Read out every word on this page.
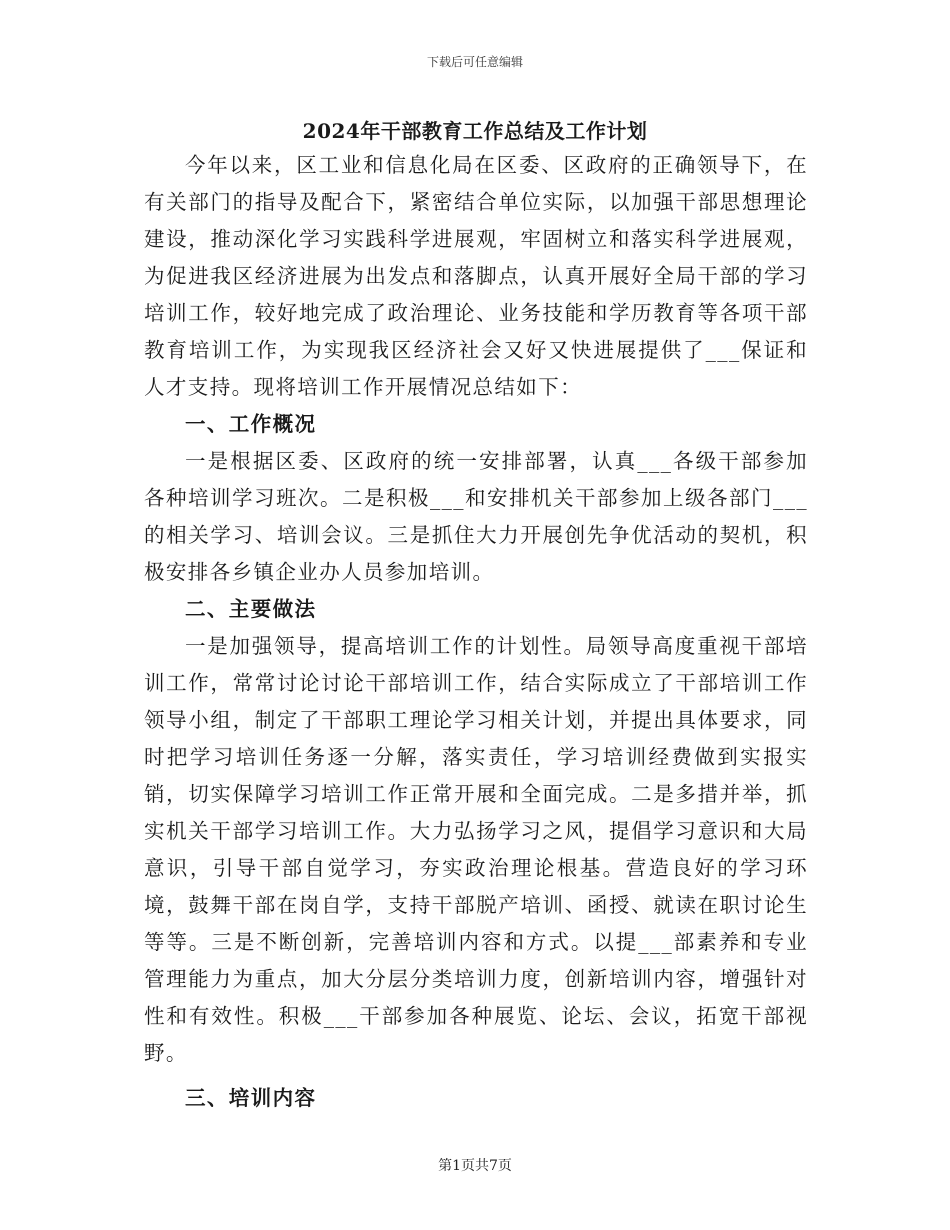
下载后可任意编辑
2024年干部教育工作总结及工作计划

今年以来，区工业和信息化局在区委、区政府的正确领导下，在有关部门的指导及配合下，紧密结合单位实际，以加强干部思想理论建设，推动深化学习实践科学进展观，牢固树立和落实科学进展观，为促进我区经济进展为出发点和落脚点，认真开展好全局干部的学习培训工作，较好地完成了政治理论、业务技能和学历教育等各项干部教育培训工作，为实现我区经济社会又好又快进展提供了___保证和人才支持。现将培训工作开展情况总结如下：

一、工作概况

一是根据区委、区政府的统一安排部署，认真___各级干部参加各种培训学习班次。二是积极___和安排机关干部参加上级各部门___的相关学习、培训会议。三是抓住大力开展创先争优活动的契机，积极安排各乡镇企业办人员参加培训。

二、主要做法

一是加强领导，提高培训工作的计划性。局领导高度重视干部培训工作，常常讨论讨论干部培训工作，结合实际成立了干部培训工作领导小组，制定了干部职工理论学习相关计划，并提出具体要求，同时把学习培训任务逐一分解，落实责任，学习培训经费做到实报实销，切实保障学习培训工作正常开展和全面完成。二是多措并举，抓实机关干部学习培训工作。大力弘扬学习之风，提倡学习意识和大局意识，引导干部自觉学习，夯实政治理论根基。营造良好的学习环境，鼓舞干部在岗自学，支持干部脱产培训、函授、就读在职讨论生等等。三是不断创新，完善培训内容和方式。以提___部素养和专业管理能力为重点，加大分层分类培训力度，创新培训内容，增强针对性和有效性。积极___干部参加各种展览、论坛、会议，拓宽干部视野。

三、培训内容

第1页共7页
